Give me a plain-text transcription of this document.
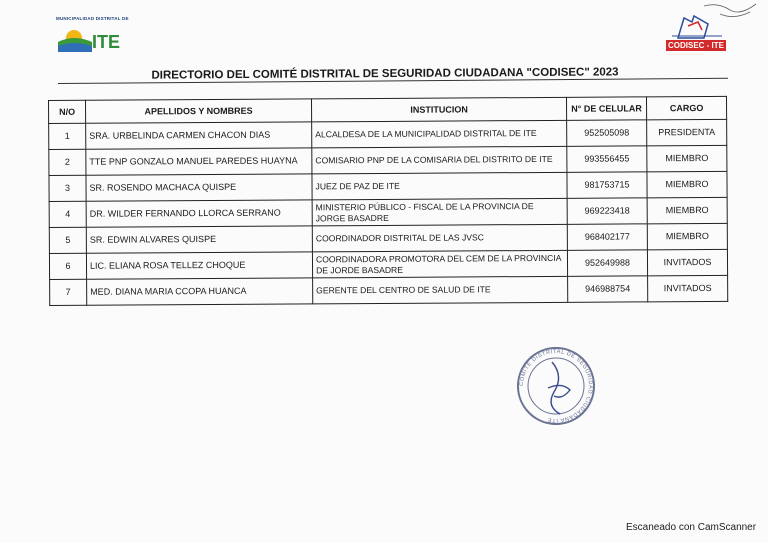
MUNICIPALIDAD DISTRITAL DE
ITE	CODISEC - ITE
·····································
DIRECTORIO DEL COMITÉ DISTRITAL DE SEGURIDAD CIUDADANA "CODISEC" 2023
N/O	APELLIDOS Y NOMBRES	INSTITUCION	N° DE CELULAR	CARGO
1	SRA. URBELINDA CARMEN CHACON DIAS	ALCALDESA DE LA MUNICIPALIDAD DISTRITAL DE ITE	952505098	PRESIDENTA
2	TTE PNP GONZALO MANUEL PAREDES HUAYNA	COMISARIO PNP DE LA COMISARIA DEL DISTRITO DE ITE	993556455	MIEMBRO
3	SR. ROSENDO MACHACA QUISPE	JUEZ DE PAZ DE ITE	981753715	MIEMBRO
4	DR. WILDER FERNANDO LLORCA SERRANO	MINISTERIO PÚBLICO - FISCAL DE LA PROVINCIA DE JORGE BASADRE	969223418	MIEMBRO
5	SR. EDWIN ALVARES QUISPE	COORDINADOR DISTRITAL DE LAS JVSC	968402177	MIEMBRO
6	LIC. ELIANA ROSA TELLEZ CHOQUE	COORDINADORA PROMOTORA DEL CEM DE LA PROVINCIA DE JORDE BASADRE	952649988	INVITADOS
7	MED. DIANA MARIA CCOPA HUANCA	GERENTE DEL CENTRO DE SALUD DE ITE	946988754	INVITADOS
COMITÉ DISTRITAL DE SEGURIDAD CIUDADANA ITE
Escaneado con CamScanner
